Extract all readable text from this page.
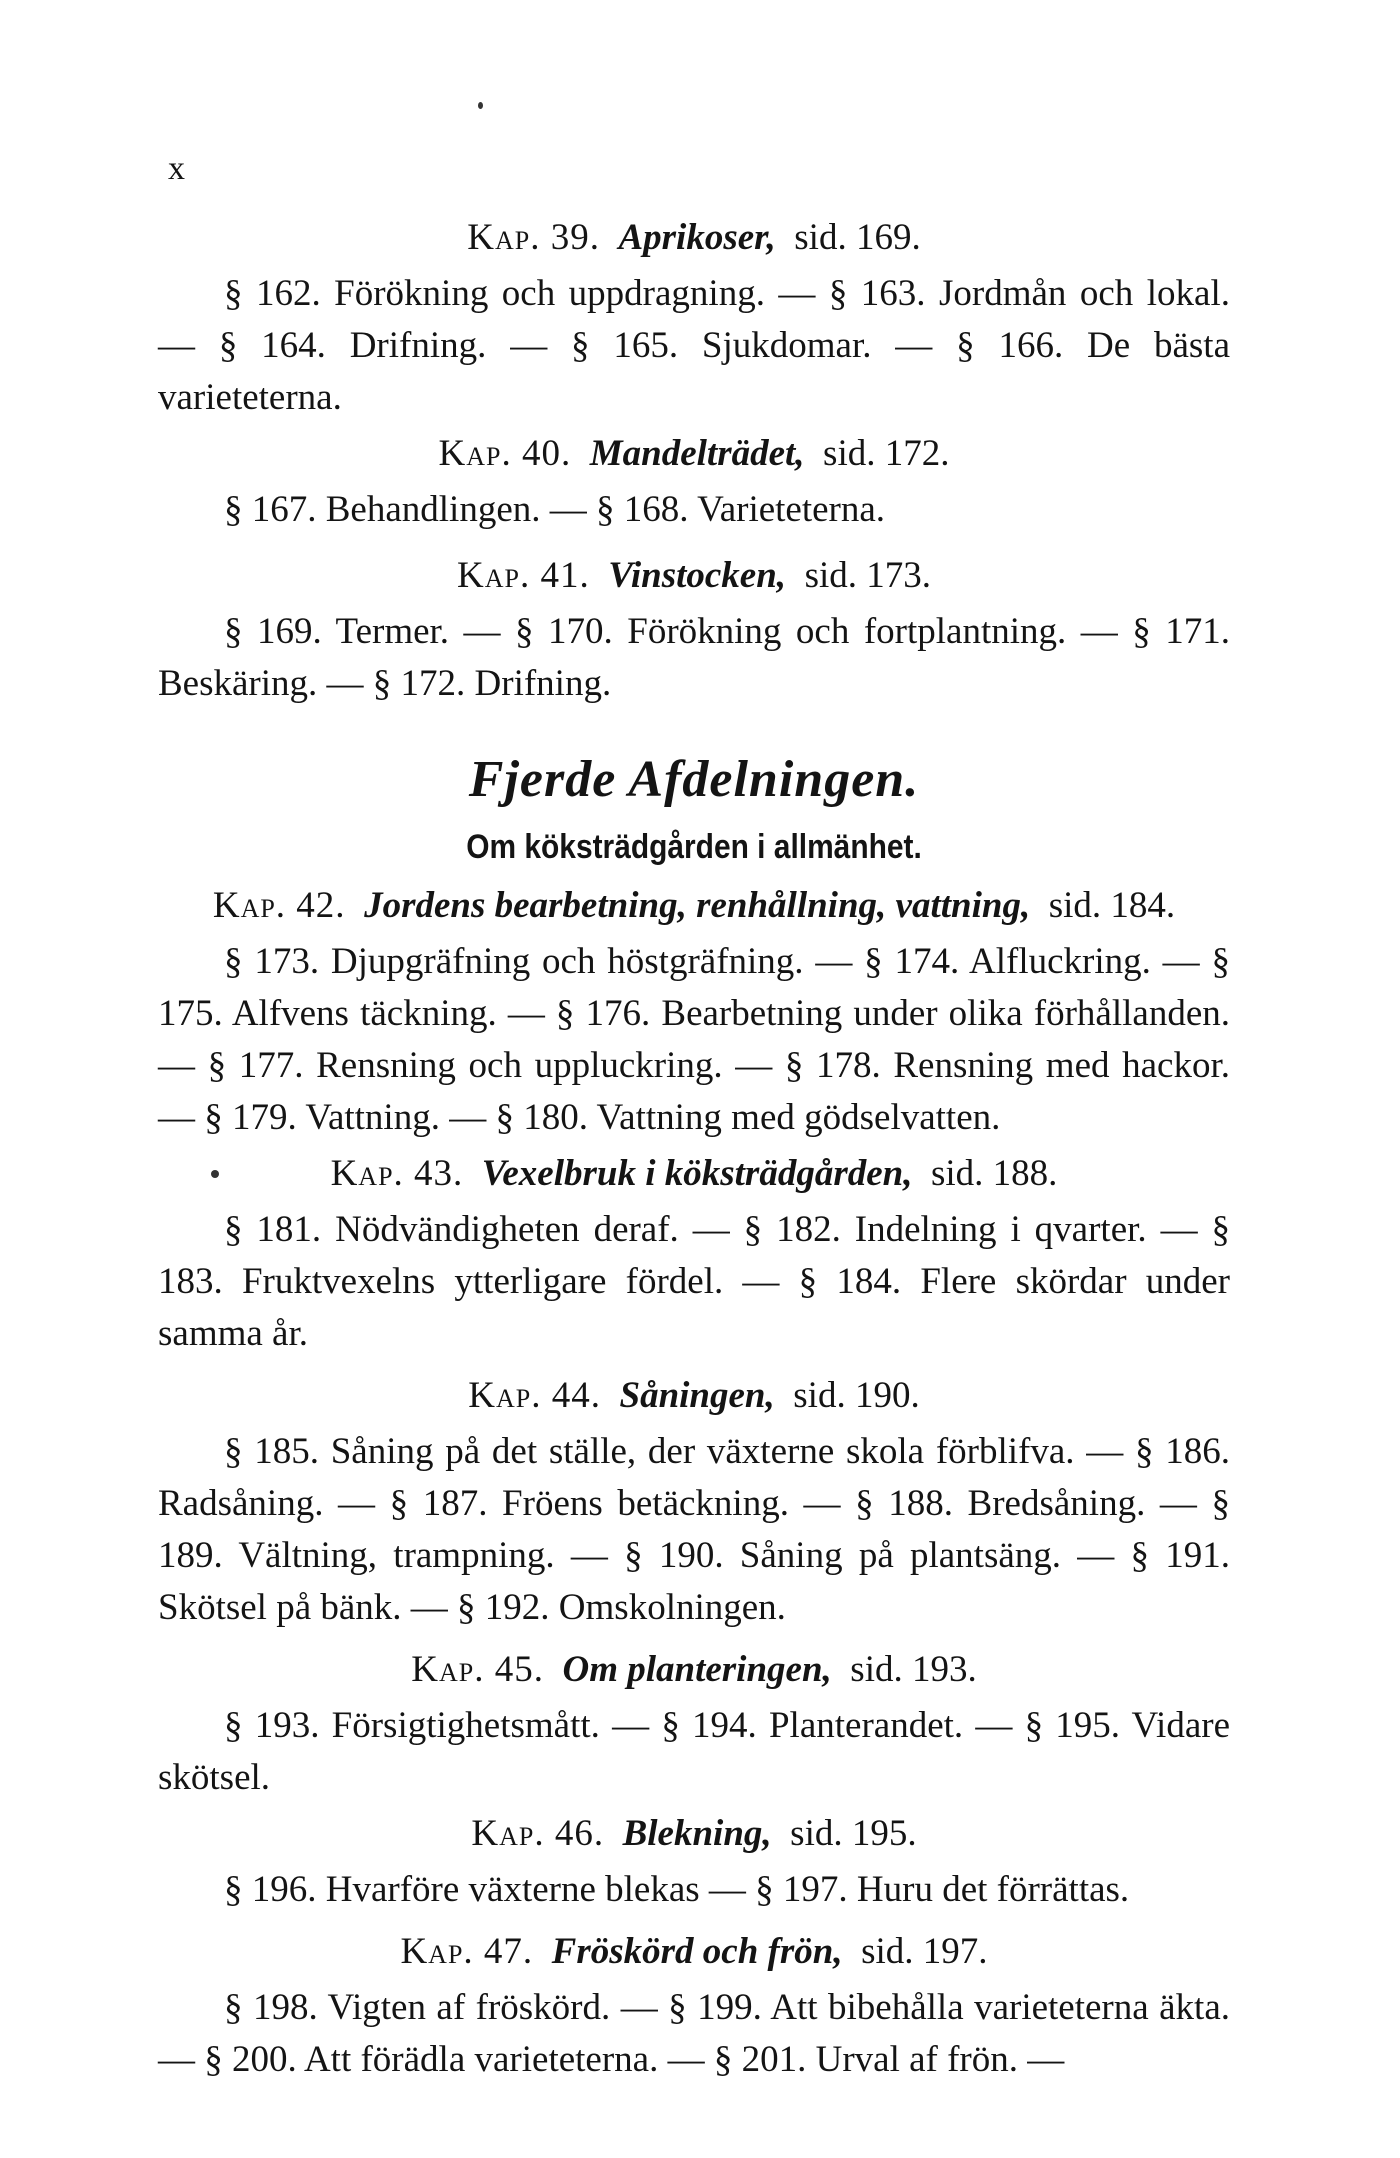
x
Kap. 39. Aprikoser, sid. 169.
§ 162. Förökning och uppdragning. — § 163. Jordmån och lokal. — § 164. Drifning. — § 165. Sjukdomar. — § 166. De bästa varieteterna.
Kap. 40. Mandelträdet, sid. 172.
§ 167. Behandlingen. — § 168. Varieteterna.
Kap. 41. Vinstocken, sid. 173.
§ 169. Termer. — § 170. Förökning och fortplantning. — § 171. Beskäring. — § 172. Drifning.
Fjerde Afdelningen.
Om köksträdgården i allmänhet.
Kap. 42. Jordens bearbetning, renhållning, vattning, sid. 184.
§ 173. Djupgräfning och höstgräfning. — § 174. Alfluckring. — § 175. Alfvens täckning. — § 176. Bearbetning under olika förhållanden. — § 177. Rensning och uppluckring. — § 178. Rensning med hackor. — § 179. Vattning. — § 180. Vattning med gödselvatten.
Kap. 43. Vexelbruk i köksträdgården, sid. 188.
§ 181. Nödvändigheten deraf. — § 182. Indelning i qvarter. — § 183. Fruktvexelns ytterligare fördel. — § 184. Flere skördar under samma år.
Kap. 44. Såningen, sid. 190.
§ 185. Såning på det ställe, der växterne skola förblifva. — § 186. Radsåning. — § 187. Fröens betäckning. — § 188. Bredsåning. — § 189. Vältning, trampning. — § 190. Såning på plantsäng. — § 191. Skötsel på bänk. — § 192. Omskolningen.
Kap. 45. Om planteringen, sid. 193.
§ 193. Försigtighetsmått. — § 194. Planterandet. — § 195. Vidare skötsel.
Kap. 46. Blekning, sid. 195.
§ 196. Hvarföre växterne blekas — § 197. Huru det förrättas.
Kap. 47. Fröskörd och frön, sid. 197.
§ 198. Vigten af fröskörd. — § 199. Att bibehålla varieteterna äkta. — § 200. Att förädla varieteterna. — § 201. Urval af frön. —
